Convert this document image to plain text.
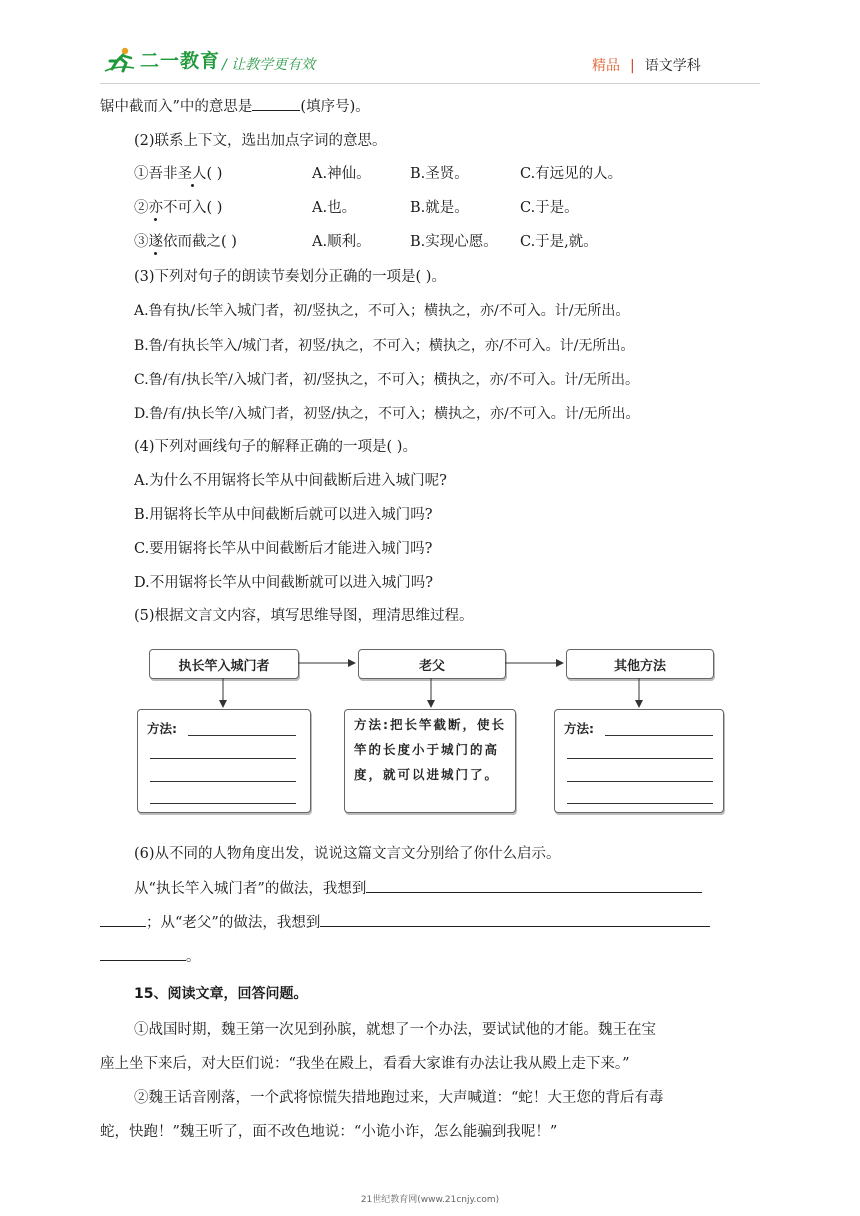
二一教育 / 让教学更有效	精品 | 语文学科
锯中截而入”中的意思是	(填序号)。
(2)联系上下文，选出加点字词的意思。
①吾非圣人( )	A.神仙。	B.圣贤。	C.有远见的人。
②亦不可入( )	A.也。	B.就是。	C.于是。
③遂依而截之( )	A.顺利。	B.实现心愿。 C.于是,就。
(3)下列对句子的朗读节奏划分正确的一项是( )。
A.鲁有执/长竿入城门者，初/竖执之，不可入；横执之，亦/不可入。计/无所出。
B.鲁/有执长竿入/城门者，初竖/执之，不可入；横执之，亦/不可入。计/无所出。
C.鲁/有/执长竿/入城门者，初/竖执之，不可入；横执之，亦/不可入。计/无所出。
D.鲁/有/执长竿/入城门者，初竖/执之，不可入；横执之，亦/不可入。计/无所出。
(4)下列对画线句子的解释正确的一项是( )。
A.为什么不用锯将长竿从中间截断后进入城门呢?
B.用锯将长竿从中间截断后就可以进入城门吗?
C.要用锯将长竿从中间截断后才能进入城门吗?
D.不用锯将长竿从中间截断就可以进入城门吗?
(5)根据文言文内容，填写思维导图，理清思维过程。
执长竿入城门者	老父	其他方法
方法:	方法:把长竿截断，使长竿的长度小于城门的高度，就可以进城门了。
方法:
(6)从不同的人物角度出发，说说这篇文言文分别给了你什么启示。
从“执长竿入城门者”的做法，我想到
；从“老父”的做法，我想到
。
15、阅读文章，回答问题。
①战国时期，魏王第一次见到孙膑，就想了一个办法，要试试他的才能。魏王在宝
座上坐下来后，对大臣们说：“我坐在殿上，看看大家谁有办法让我从殿上走下来。”
②魏王话音刚落，一个武将惊慌失措地跑过来，大声喊道：“蛇！大王您的背后有毒
蛇，快跑！”魏王听了，面不改色地说：“小诡小诈，怎么能骗到我呢！”
21世纪教育网(www.21cnjy.com)
